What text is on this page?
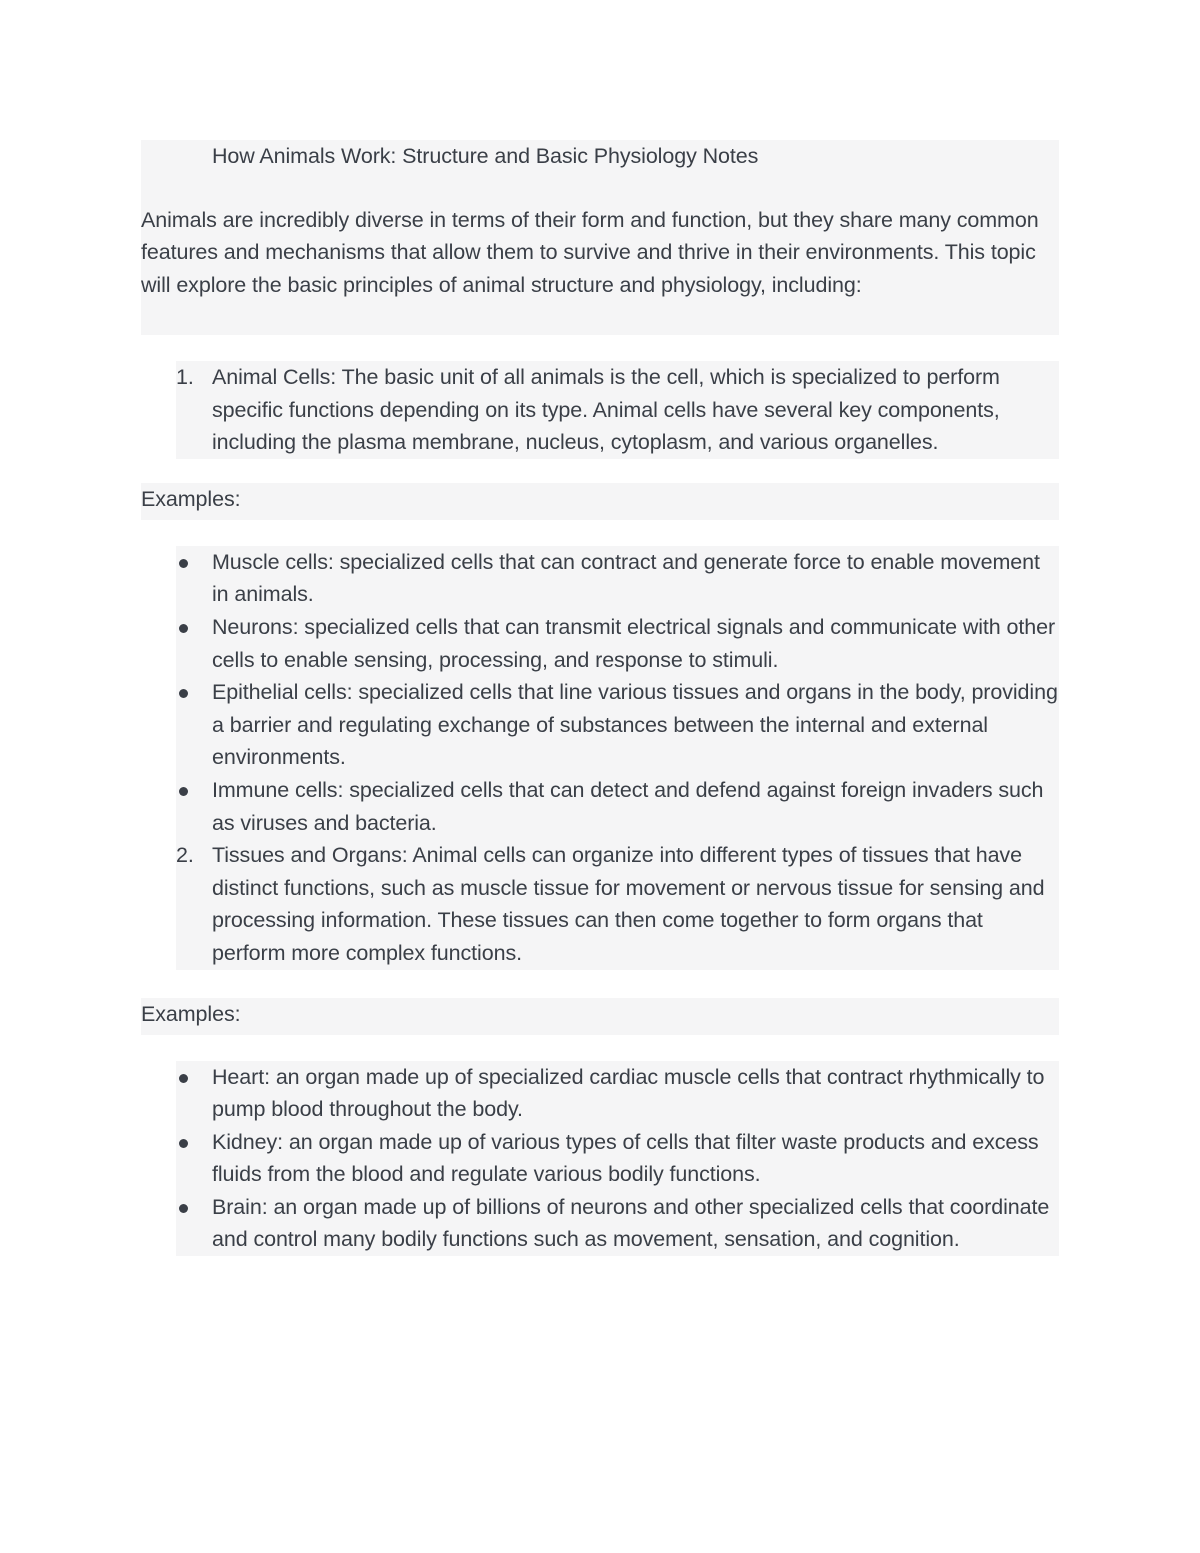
How Animals Work: Structure and Basic Physiology Notes

Animals are incredibly diverse in terms of their form and function, but they share many common features and mechanisms that allow them to survive and thrive in their environments. This topic will explore the basic principles of animal structure and physiology, including:

1. Animal Cells: The basic unit of all animals is the cell, which is specialized to perform specific functions depending on its type. Animal cells have several key components, including the plasma membrane, nucleus, cytoplasm, and various organelles.
Examples:
Muscle cells: specialized cells that can contract and generate force to enable movement in animals.
Neurons: specialized cells that can transmit electrical signals and communicate with other cells to enable sensing, processing, and response to stimuli.
Epithelial cells: specialized cells that line various tissues and organs in the body, providing a barrier and regulating exchange of substances between the internal and external environments.
Immune cells: specialized cells that can detect and defend against foreign invaders such as viruses and bacteria.
2. Tissues and Organs: Animal cells can organize into different types of tissues that have distinct functions, such as muscle tissue for movement or nervous tissue for sensing and processing information. These tissues can then come together to form organs that perform more complex functions.
Examples:
Heart: an organ made up of specialized cardiac muscle cells that contract rhythmically to pump blood throughout the body.
Kidney: an organ made up of various types of cells that filter waste products and excess fluids from the blood and regulate various bodily functions.
Brain: an organ made up of billions of neurons and other specialized cells that coordinate and control many bodily functions such as movement, sensation, and cognition.
